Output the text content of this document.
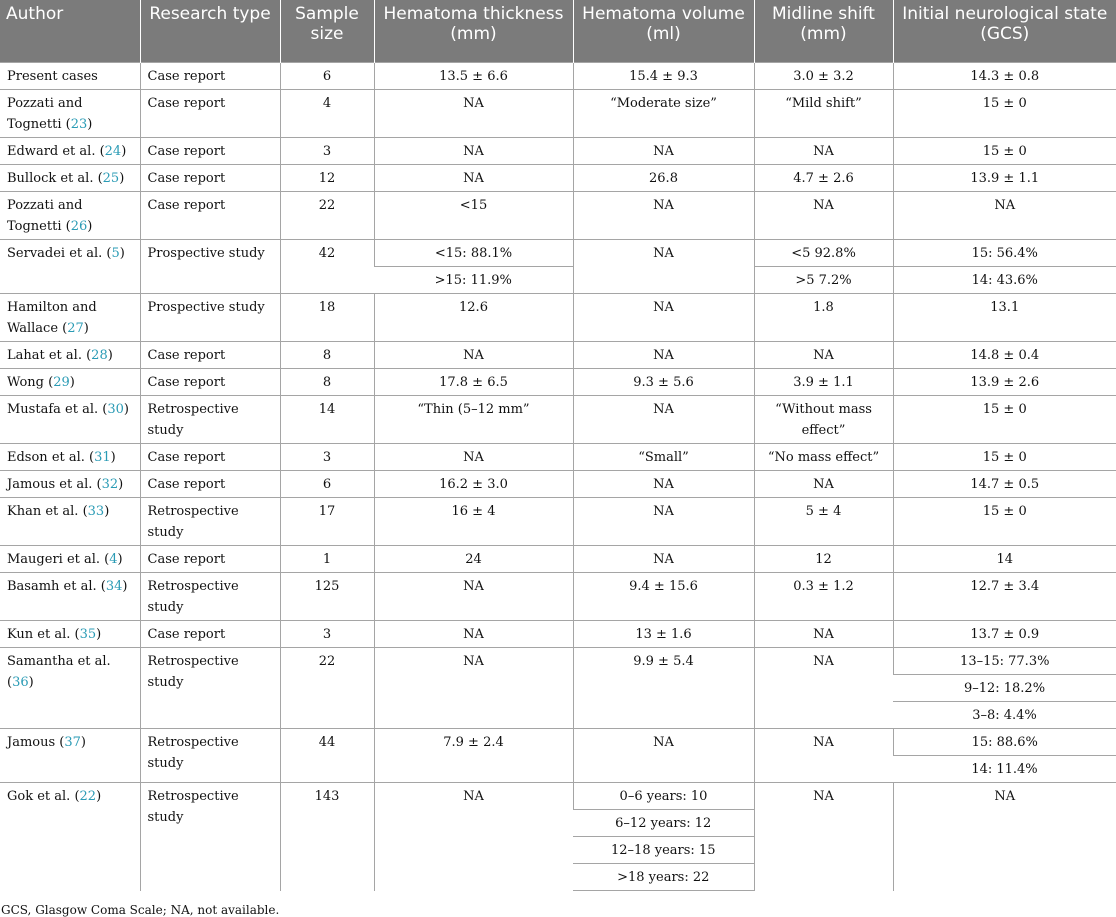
Author	Research type	Sample size	Hematoma thickness (mm)	Hematoma volume (ml)	Midline shift (mm)	Initial neurological state (GCS)
Present cases	Case report	6	13.5 ± 6.6	15.4 ± 9.3	3.0 ± 3.2	14.3 ± 0.8
Pozzati and Tognetti (23)	Case report	4	NA	“Moderate size”	“Mild shift”	15 ± 0
Edward et al. (24)	Case report	3	NA	NA	NA	15 ± 0
Bullock et al. (25)	Case report	12	NA	26.8	4.7 ± 2.6	13.9 ± 1.1
Pozzati and Tognetti (26)	Case report	22	<15	NA	NA	NA
Servadei et al. (5)	Prospective study	42	<15: 88.1%	NA	<5 92.8%	15: 56.4%
			>15: 11.9%		>5 7.2%	14: 43.6%
Hamilton and Wallace (27)	Prospective study	18	12.6	NA	1.8	13.1
Lahat et al. (28)	Case report	8	NA	NA	NA	14.8 ± 0.4
Wong (29)	Case report	8	17.8 ± 6.5	9.3 ± 5.6	3.9 ± 1.1	13.9 ± 2.6
Mustafa et al. (30)	Retrospective study	14	“Thin (5–12 mm”	NA	“Without mass effect”	15 ± 0
Edson et al. (31)	Case report	3	NA	“Small”	“No mass effect”	15 ± 0
Jamous et al. (32)	Case report	6	16.2 ± 3.0	NA	NA	14.7 ± 0.5
Khan et al. (33)	Retrospective study	17	16 ± 4	NA	5 ± 4	15 ± 0
Maugeri et al. (4)	Case report	1	24	NA	12	14
Basamh et al. (34)	Retrospective study	125	NA	9.4 ± 15.6	0.3 ± 1.2	12.7 ± 3.4
Kun et al. (35)	Case report	3	NA	13 ± 1.6	NA	13.7 ± 0.9
Samantha et al. (36)	Retrospective study	22	NA	9.9 ± 5.4	NA	13–15: 77.3%
						9–12: 18.2%
						3–8: 4.4%
Jamous (37)	Retrospective study	44	7.9 ± 2.4	NA	NA	15: 88.6%
						14: 11.4%
Gok et al. (22)	Retrospective study	143	NA	0–6 years: 10	NA	NA
				6–12 years: 12		
				12–18 years: 15		
				>18 years: 22		
GCS, Glasgow Coma Scale; NA, not available.
